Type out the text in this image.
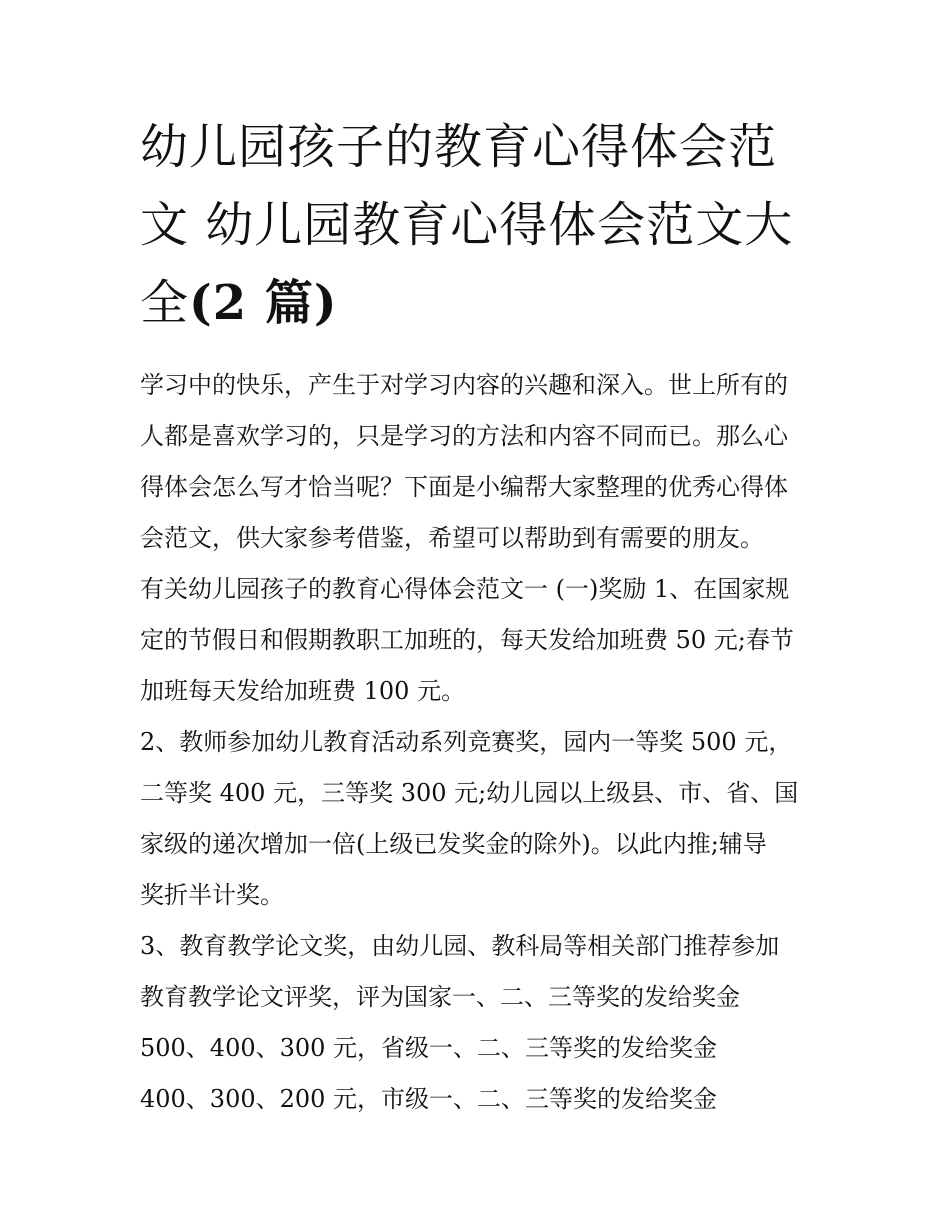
幼儿园孩子的教育心得体会范
文 幼儿园教育心得体会范文大
全(2 篇)
学习中的快乐，产生于对学习内容的兴趣和深入。世上所有的
人都是喜欢学习的，只是学习的方法和内容不同而已。那么心
得体会怎么写才恰当呢？下面是小编帮大家整理的优秀心得体
会范文，供大家参考借鉴，希望可以帮助到有需要的朋友。
有关幼儿园孩子的教育心得体会范文一 (一)奖励 1、在国家规
定的节假日和假期教职工加班的，每天发给加班费 50 元;春节
加班每天发给加班费 100 元。
2、教师参加幼儿教育活动系列竞赛奖，园内一等奖 500 元，
二等奖 400 元，三等奖 300 元;幼儿园以上级县、市、省、国
家级的递次增加一倍(上级已发奖金的除外)。以此内推;辅导
奖折半计奖。
3、教育教学论文奖，由幼儿园、教科局等相关部门推荐参加
教育教学论文评奖，评为国家一、二、三等奖的发给奖金
500、400、300 元，省级一、二、三等奖的发给奖金
400、300、200 元，市级一、二、三等奖的发给奖金
